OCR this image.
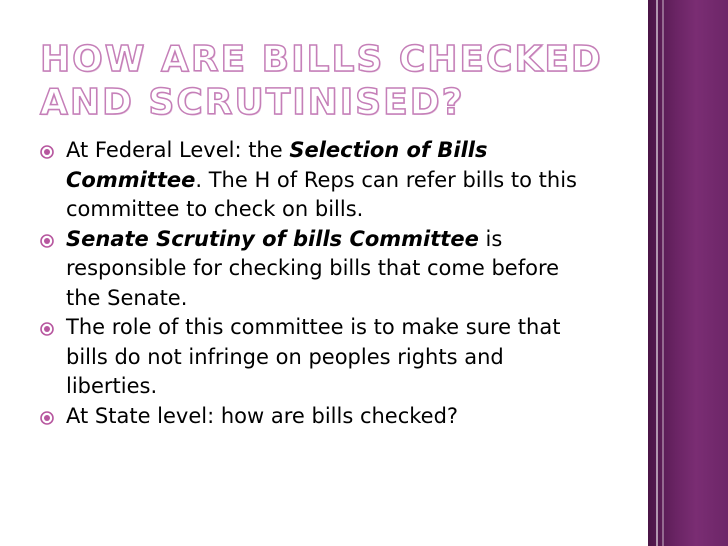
HOW ARE BILLS CHECKED AND SCRUTINISED?
At Federal Level: the Selection of Bills Committee. The H of Reps can refer bills to this committee to check on bills.
Senate Scrutiny of bills Committee is responsible for checking bills that come before the Senate.
The role of this committee is to make sure that bills do not infringe on peoples rights and liberties.
At State level: how are bills checked?
